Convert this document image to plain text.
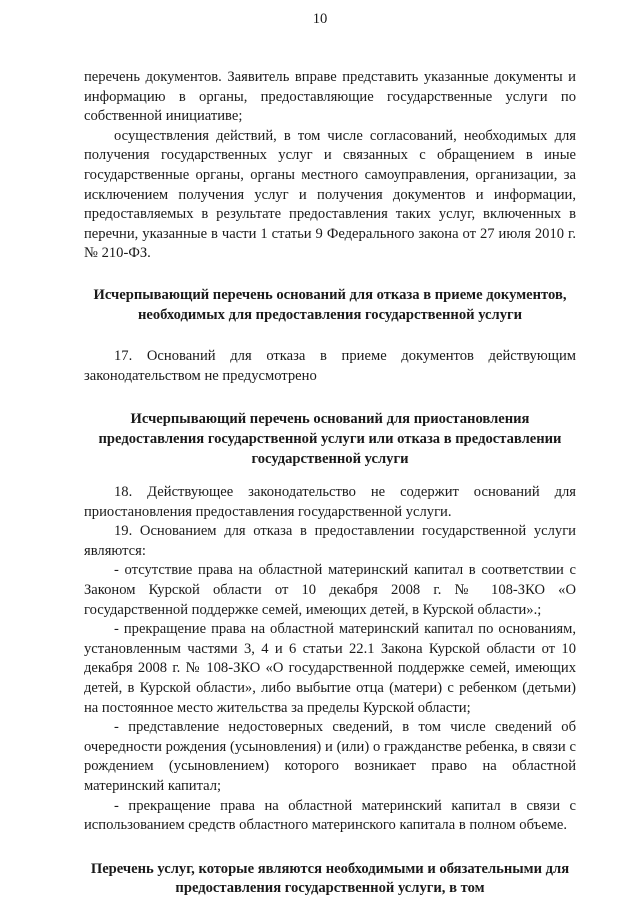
10

перечень документов. Заявитель вправе представить указанные документы и информацию в органы, предоставляющие государственные услуги по собственной инициативе;

осуществления действий, в том числе согласований, необходимых для получения государственных услуг и связанных с обращением в иные государственные органы, органы местного самоуправления, организации, за исключением получения услуг и получения документов и информации, предоставляемых в результате предоставления таких услуг, включенных в перечни, указанные в части 1 статьи 9 Федерального закона от 27 июля 2010 г. № 210-ФЗ.

Исчерпывающий перечень оснований для отказа в приеме документов, необходимых для предоставления государственной услуги

17. Оснований для отказа в приеме документов действующим законодательством не предусмотрено

Исчерпывающий перечень оснований для приостановления предоставления государственной услуги или отказа в предоставлении государственной услуги

18. Действующее законодательство не содержит оснований для приостановления предоставления государственной услуги.

19. Основанием для отказа в предоставлении государственной услуги являются:

- отсутствие права на областной материнский капитал в соответствии с Законом Курской области от 10 декабря 2008 г. № 108-ЗКО «О государственной поддержке семей, имеющих детей, в Курской области».;

- прекращение права на областной материнский капитал по основаниям, установленным частями 3, 4 и 6 статьи 22.1 Закона Курской области от 10 декабря 2008 г. № 108-ЗКО «О государственной поддержке семей, имеющих детей, в Курской области», либо выбытие отца (матери) с ребенком (детьми) на постоянное место жительства за пределы Курской области;

- представление недостоверных сведений, в том числе сведений об очередности рождения (усыновления) и (или) о гражданстве ребенка, в связи с рождением (усыновлением) которого возникает право на областной материнский капитал;

- прекращение права на областной материнский капитал в связи с использованием средств областного материнского капитала в полном объеме.

Перечень услуг, которые являются необходимыми и обязательными для предоставления государственной услуги, в том
